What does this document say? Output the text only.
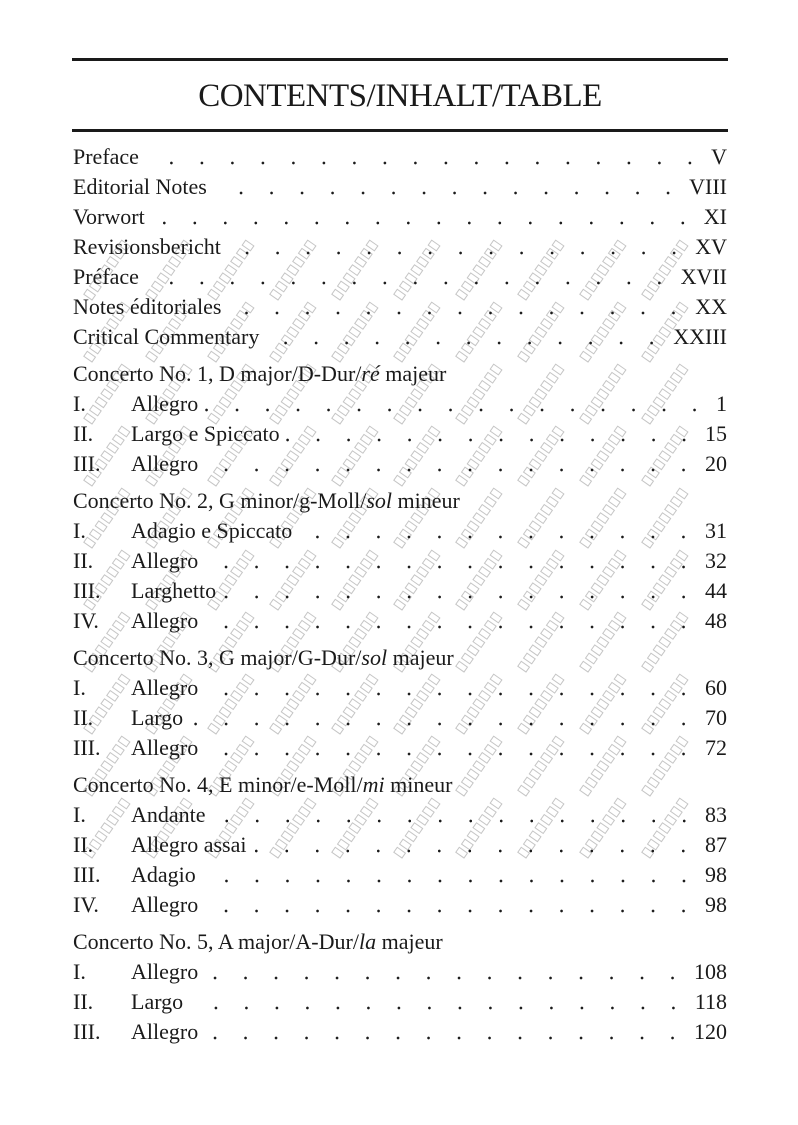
CONTENTS/INHALT/TABLE
Preface	V
Editorial Notes	VIII
Vorwort	XI
Revisionsbericht	XV
Préface	XVII
Notes éditoriales	XX
Critical Commentary	XXIII
Concerto No. 1, D major/D-Dur/ré majeur
I.	Allegro	1
II.	Largo e Spiccato	15
III.	Allegro	20
Concerto No. 2, G minor/g-Moll/sol mineur
I.	Adagio e Spiccato	31
II.	Allegro	32
III.	Larghetto	44
IV.	Allegro	48
Concerto No. 3, G major/G-Dur/sol majeur
I.	Allegro	60
II.	Largo	70
III.	Allegro	72
Concerto No. 4, E minor/e-Moll/mi mineur
I.	Andante	83
II.	Allegro assai	87
III.	Adagio	98
IV.	Allegro	98
Concerto No. 5, A major/A-Dur/la majeur
I.	Allegro	108
II.	Largo	118
III.	Allegro	120
